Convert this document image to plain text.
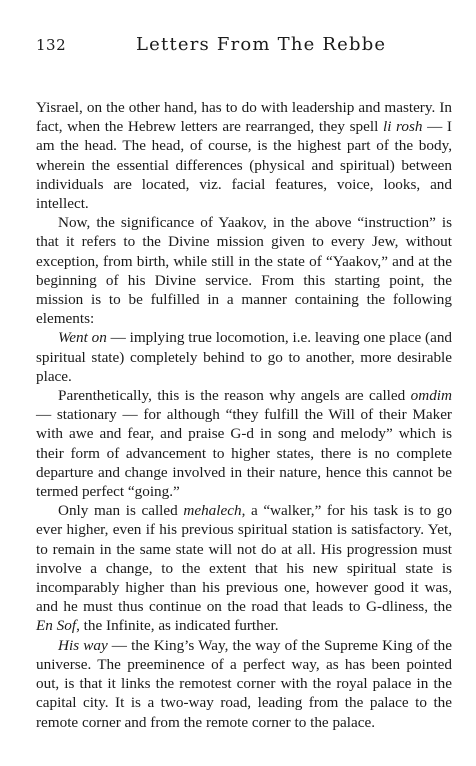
132	Letters From The Rebbe

Yisrael, on the other hand, has to do with leadership and mastery. In fact, when the Hebrew letters are rearranged, they spell li rosh — I am the head. The head, of course, is the highest part of the body, wherein the essential differences (physical and spiritual) between individuals are located, viz. facial features, voice, looks, and intellect.

Now, the significance of Yaakov, in the above “instruction” is that it refers to the Divine mission given to every Jew, without exception, from birth, while still in the state of “Yaakov,” and at the beginning of his Divine service. From this starting point, the mission is to be fulfilled in a manner containing the following elements:

Went on — implying true locomotion, i.e. leaving one place (and spiritual state) completely behind to go to another, more desirable place.

Parenthetically, this is the reason why angels are called omdim — stationary — for although “they fulfill the Will of their Maker with awe and fear, and praise G-d in song and melody” which is their form of advancement to higher states, there is no complete departure and change involved in their nature, hence this cannot be termed perfect “going.”

Only man is called mehalech, a “walker,” for his task is to go ever higher, even if his previous spiritual station is satisfactory. Yet, to remain in the same state will not do at all. His progression must involve a change, to the extent that his new spiritual state is incomparably higher than his previous one, however good it was, and he must thus continue on the road that leads to G-dliness, the En Sof, the Infinite, as indicated further.

His way — the King’s Way, the way of the Supreme King of the universe. The preeminence of a perfect way, as has been pointed out, is that it links the remotest corner with the royal palace in the capital city. It is a two-way road, leading from the palace to the remote corner and from the remote corner to the palace.
